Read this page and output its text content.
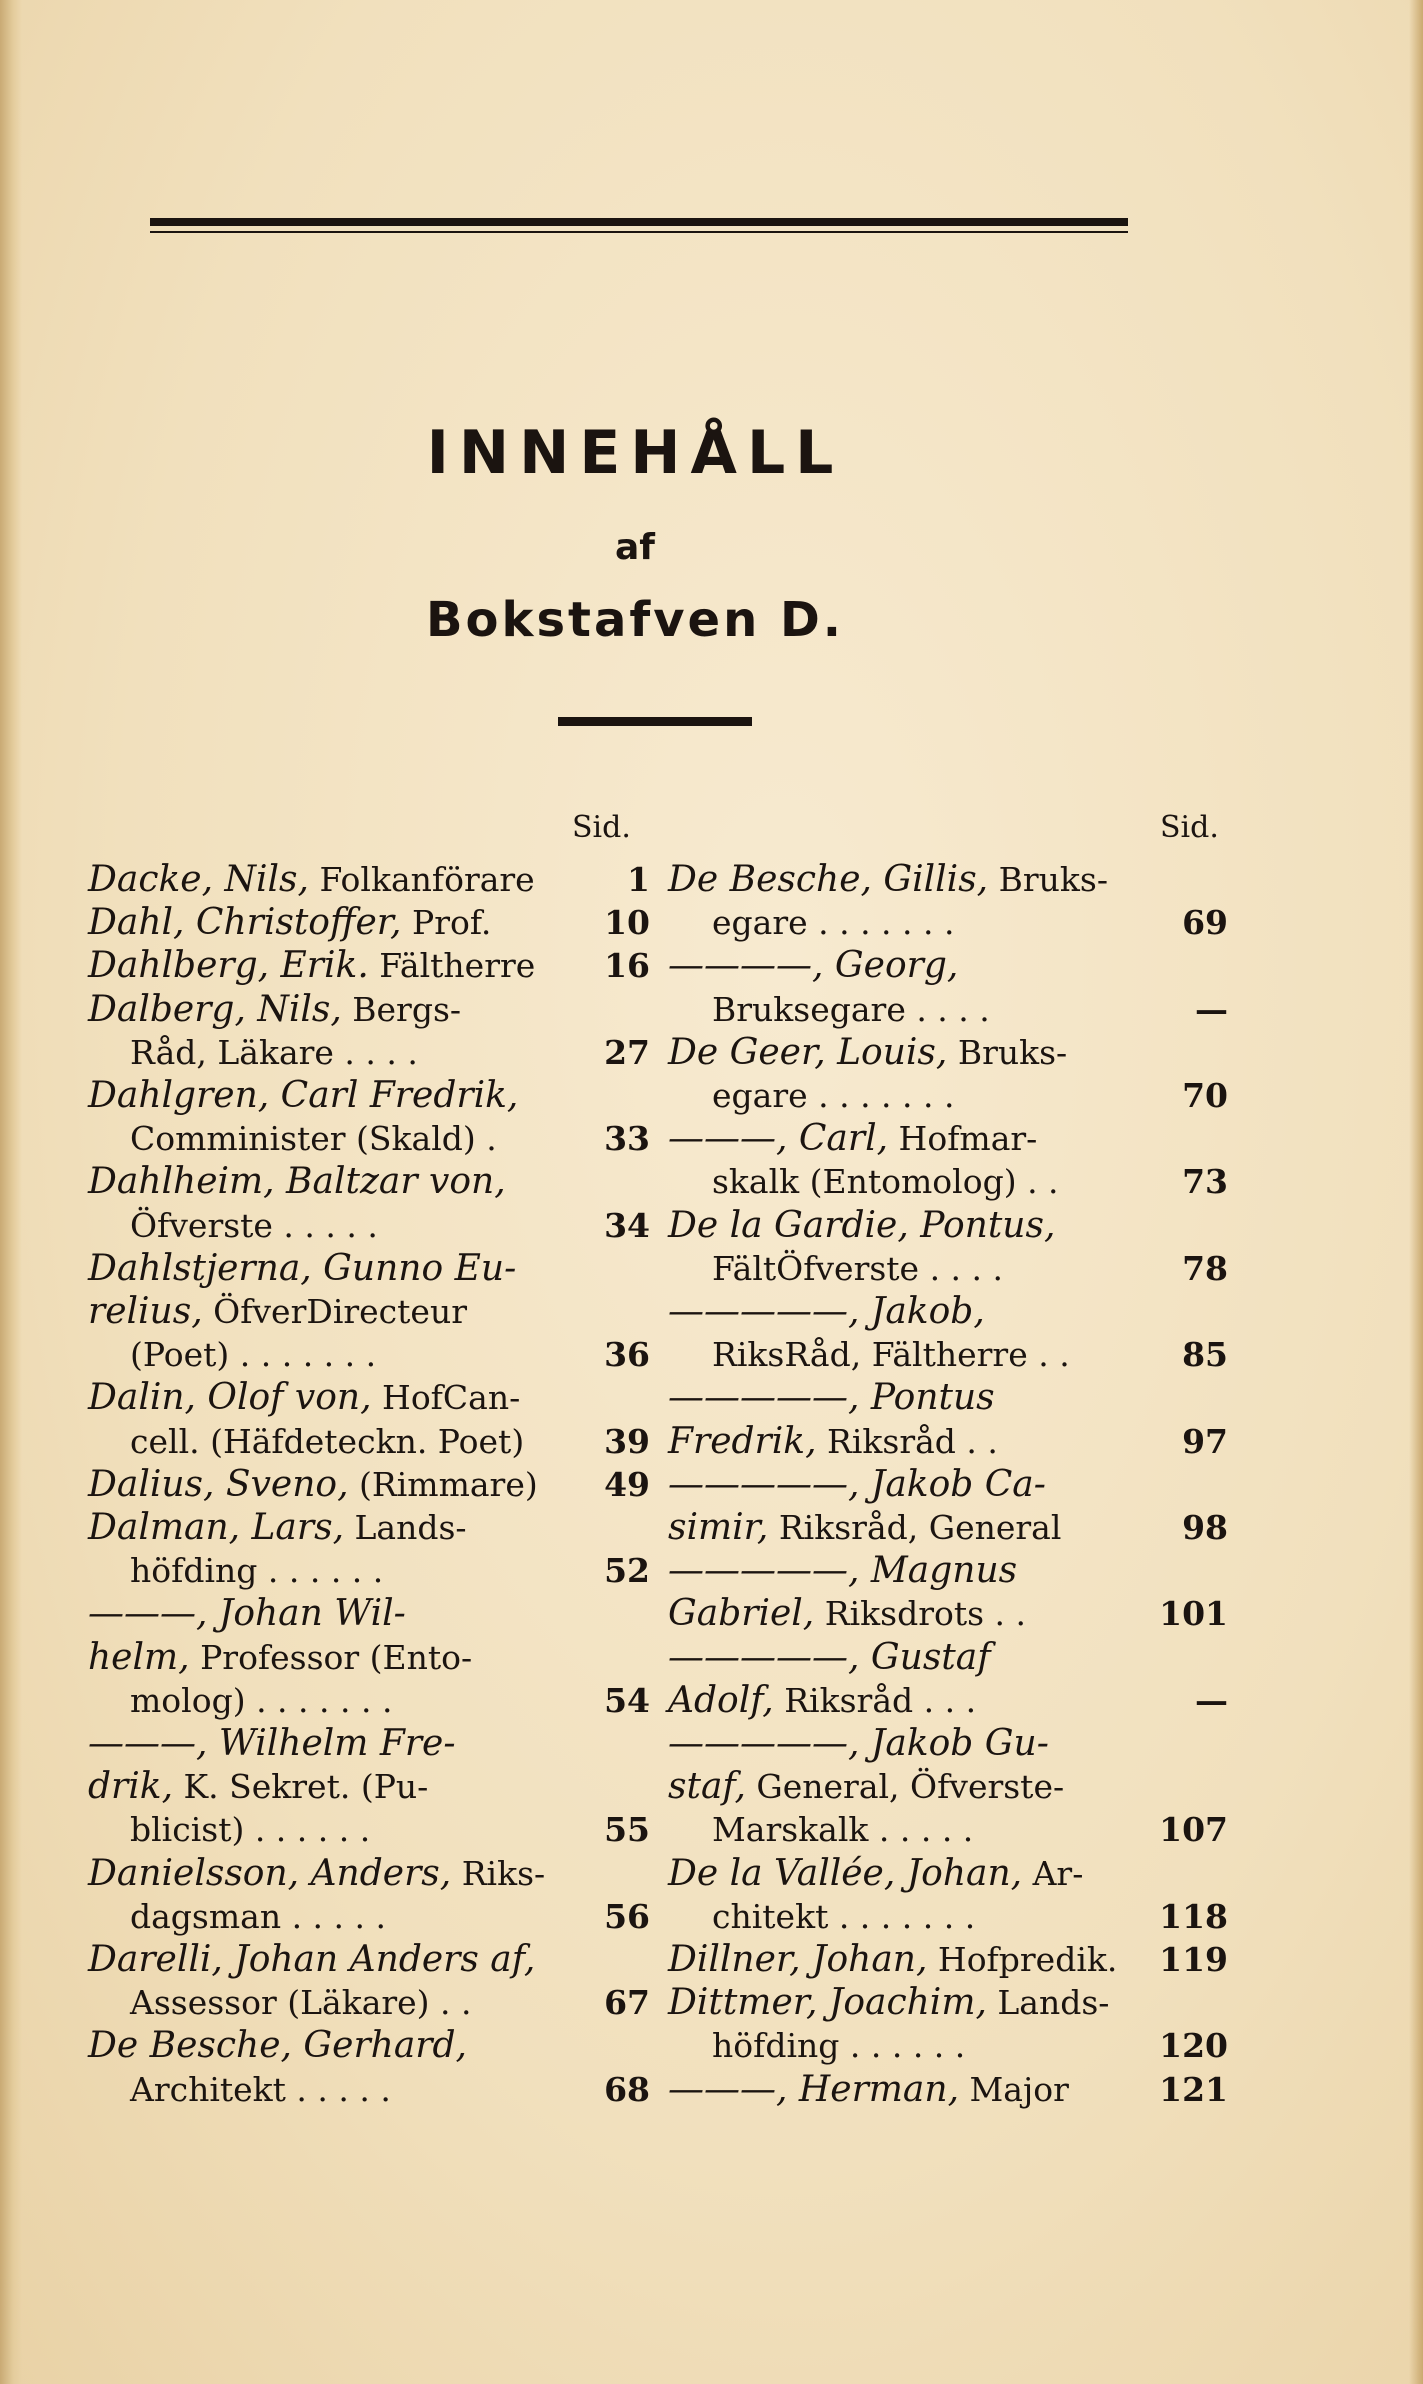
INNEHÅLL
af
Bokstafven D.
Sid.	Sid.
Dacke, Nils, Folkanförare	1
Dahl, Christoffer, Prof.	10
Dahlberg, Erik. Fältherre	16
Dalberg, Nils, Bergs-
Råd, Läkare . . . .	27
Dahlgren, Carl Fredrik,
Comminister (Skald) .	33
Dahlheim, Baltzar von,
Öfverste . . . . .	34
Dahlstjerna, Gunno Eu-
relius, ÖfverDirecteur
(Poet) . . . . . . .	36
Dalin, Olof von, HofCan-
cell. (Häfdeteckn. Poet)	39
Dalius, Sveno, (Rimmare)	49
Dalman, Lars, Lands-
höfding . . . . . .	52
———, Johan Wil-
helm, Professor (Ento-
molog) . . . . . . .	54
———, Wilhelm Fre-
drik, K. Sekret. (Pu-
blicist) . . . . . .	55
Danielsson, Anders, Riks-
dagsman . . . . .	56
Darelli, Johan Anders af,
Assessor (Läkare) . .	67
De Besche, Gerhard,
Architekt . . . . .	68
De Besche, Gillis, Bruks-
egare . . . . . . .	69
————, Georg,
Bruksegare . . . .	—
De Geer, Louis, Bruks-
egare . . . . . . .	70
———, Carl, Hofmar-
skalk (Entomolog) . .	73
De la Gardie, Pontus,
FältÖfverste . . . .	78
—————, Jakob,
RiksRåd, Fältherre . .	85
—————, Pontus
Fredrik, Riksråd . .	97
—————, Jakob Ca-
simir, Riksråd, General	98
—————, Magnus
Gabriel, Riksdrots . .	101
—————, Gustaf
Adolf, Riksråd . . .	—
—————, Jakob Gu-
staf, General, Öfverste-
Marskalk . . . . .	107
De la Vallée, Johan, Ar-
chitekt . . . . . . .	118
Dillner, Johan, Hofpredik. 119
Dittmer, Joachim, Lands-
höfding . . . . . .	120
———, Herman, Major	121
